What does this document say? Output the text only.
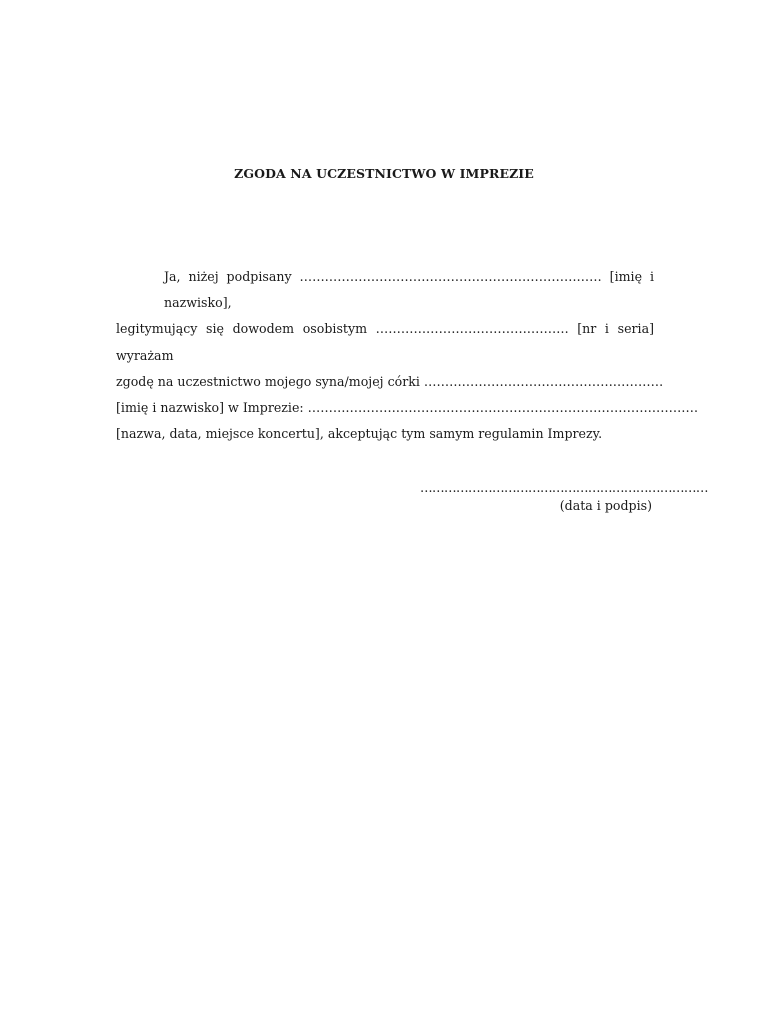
ZGODA NA UCZESTNICTWO W IMPREZIE
Ja, niżej podpisany ……………………………………………………………… [imię i nazwisko],
legitymujący się dowodem osobistym ………………………………………. [nr i seria] wyrażam
zgodę na uczestnictwo mojego syna/mojej córki …………………………………………………
[imię i nazwisko] w Imprezie: …………………………………………………………………………………
[nazwa, data, miejsce koncertu], akceptując tym samym regulamin Imprezy.
………………………………………………………………
(data i podpis)
